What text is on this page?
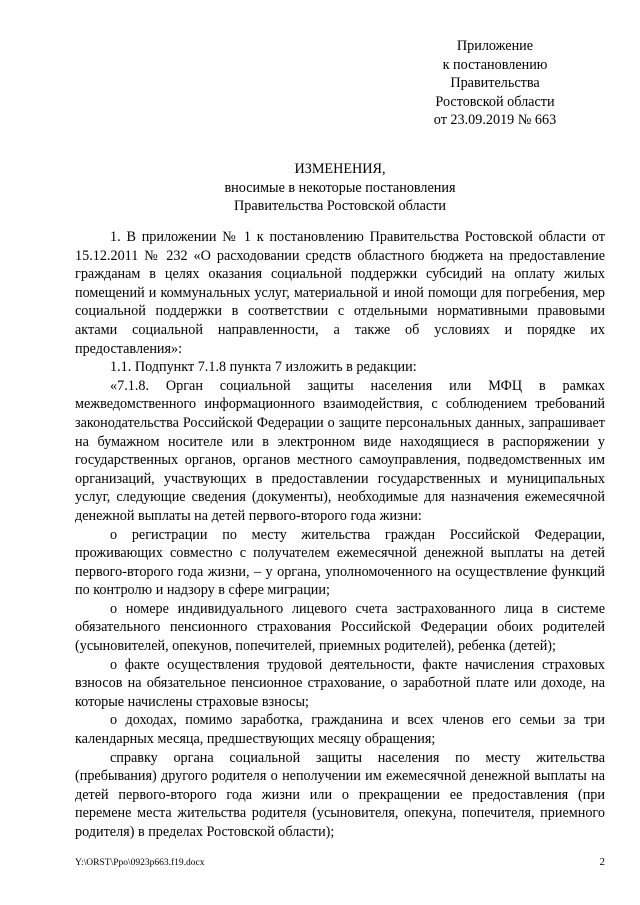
Приложение
к постановлению
Правительства
Ростовской области
от 23.09.2019 № 663
ИЗМЕНЕНИЯ,
вносимые в некоторые постановления
Правительства Ростовской области

1. В приложении № 1 к постановлению Правительства Ростовской области от 15.12.2011 № 232 «О расходовании средств областного бюджета на предоставление гражданам в целях оказания социальной поддержки субсидий на оплату жилых помещений и коммунальных услуг, материальной и иной помощи для погребения, мер социальной поддержки в соответствии с отдельными нормативными правовыми актами социальной направленности, а также об условиях и порядке их предоставления»:

1.1. Подпункт 7.1.8 пункта 7 изложить в редакции:

«7.1.8. Орган социальной защиты населения или МФЦ в рамках межведомственного информационного взаимодействия, с соблюдением требований законодательства Российской Федерации о защите персональных данных, запрашивает на бумажном носителе или в электронном виде находящиеся в распоряжении у государственных органов, органов местного самоуправления, подведомственных им организаций, участвующих в предоставлении государственных и муниципальных услуг, следующие сведения (документы), необходимые для назначения ежемесячной денежной выплаты на детей первого-второго года жизни:

о регистрации по месту жительства граждан Российской Федерации, проживающих совместно с получателем ежемесячной денежной выплаты на детей первого-второго года жизни, – у органа, уполномоченного на осуществление функций по контролю и надзору в сфере миграции;

о номере индивидуального лицевого счета застрахованного лица в системе обязательного пенсионного страхования Российской Федерации обоих родителей (усыновителей, опекунов, попечителей, приемных родителей), ребенка (детей);

о факте осуществления трудовой деятельности, факте начисления страховых взносов на обязательное пенсионное страхование, о заработной плате или доходе, на которые начислены страховые взносы;

о доходах, помимо заработка, гражданина и всех членов его семьи за три календарных месяца, предшествующих месяцу обращения;

справку органа социальной защиты населения по месту жительства (пребывания) другого родителя о неполучении им ежемесячной денежной выплаты на детей первого-второго года жизни или о прекращении ее предоставления (при перемене места жительства родителя (усыновителя, опекуна, попечителя, приемного родителя) в пределах Ростовской области);

Y:\ORST\Ppo\0923p663.f19.docx	2
